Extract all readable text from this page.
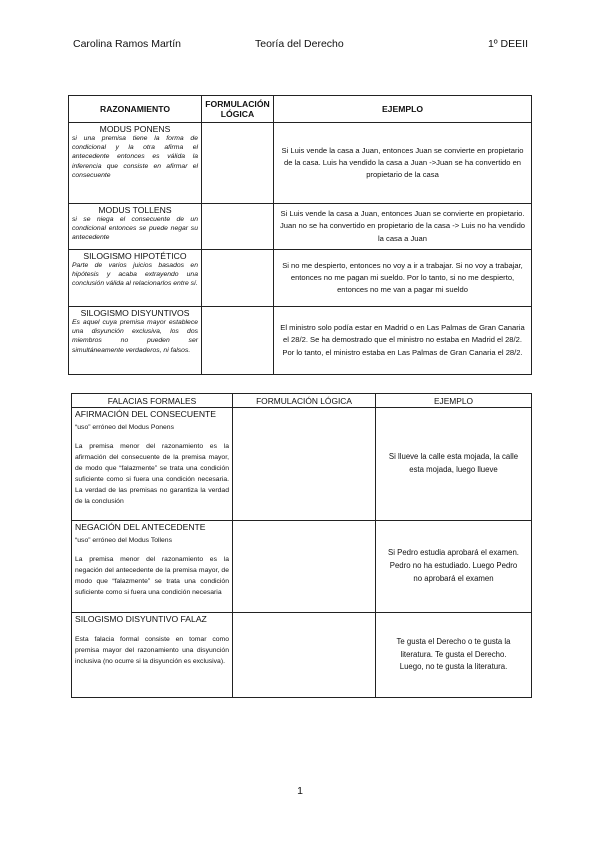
Carolina Ramos Martín	Teoría del Derecho	1º DEEII
RAZONAMIENTO	FORMULACIÓN LÓGICA	EJEMPLO

MODUS PONENS
si una premisa tiene la forma de condicional y la otra afirma el antecedente entonces es válida la inferencia que consiste en afirmar el consecuente		Si Luis vende la casa a Juan, entonces Juan se convierte en propietario de la casa. Luis ha vendido la casa a Juan ->Juan se ha convertido en propietario de la casa

MODUS TOLLENS
si se niega el consecuente de un condicional entonces se puede negar su antecedente		Si Luis vende la casa a Juan, entonces Juan se convierte en propietario. Juan no se ha convertido en propietario de la casa -> Luis no ha vendido la casa a Juan

SILOGISMO HIPOTÉTICO
Parte de varios juicios basados en hipótesis y acaba extrayendo una conclusión válida al relacionarlos entre sí.		Si no me despierto, entonces no voy a ir a trabajar. Si no voy a trabajar, entonces no me pagan mi sueldo. Por lo tanto, si no me despierto, entonces no me van a pagar mi sueldo

SILOGISMO DISYUNTIVOS
Es aquel cuya premisa mayor establece una disyunción exclusiva, los dos miembros no pueden ser simultáneamente verdaderos, ni falsos.		El ministro solo podía estar en Madrid o en Las Palmas de Gran Canaria el 28/2. Se ha demostrado que el ministro no estaba en Madrid el 28/2. Por lo tanto, el ministro estaba en Las Palmas de Gran Canaria el 28/2.
FALACIAS FORMALES	FORMULACIÓN LÓGICA	EJEMPLO

AFIRMACIÓN DEL CONSECUENTE
“uso” erróneo del Modus Ponens
La premisa menor del razonamiento es la afirmación del consecuente de la premisa mayor, de modo que “falazmente” se trata una condición suficiente como si fuera una condición necesaria. La verdad de las premisas no garantiza la verdad de la conclusión		Si llueve la calle esta mojada, la calle esta mojada, luego llueve

NEGACIÓN DEL ANTECEDENTE
“uso” erróneo del Modus Tollens
La premisa menor del razonamiento es la negación del antecedente de la premisa mayor, de modo que “falazmente” se trata una condición suficiente como si fuera una condición necesaria		Si Pedro estudia aprobará el examen. Pedro no ha estudiado. Luego Pedro no aprobará el examen

SILOGISMO DISYUNTIVO FALAZ
Esta falacia formal consiste en tomar como premisa mayor del razonamiento una disyunción inclusiva (no ocurre si la disyunción es exclusiva).		Te gusta el Derecho o te gusta la literatura. Te gusta el Derecho. Luego, no te gusta la literatura.
1
